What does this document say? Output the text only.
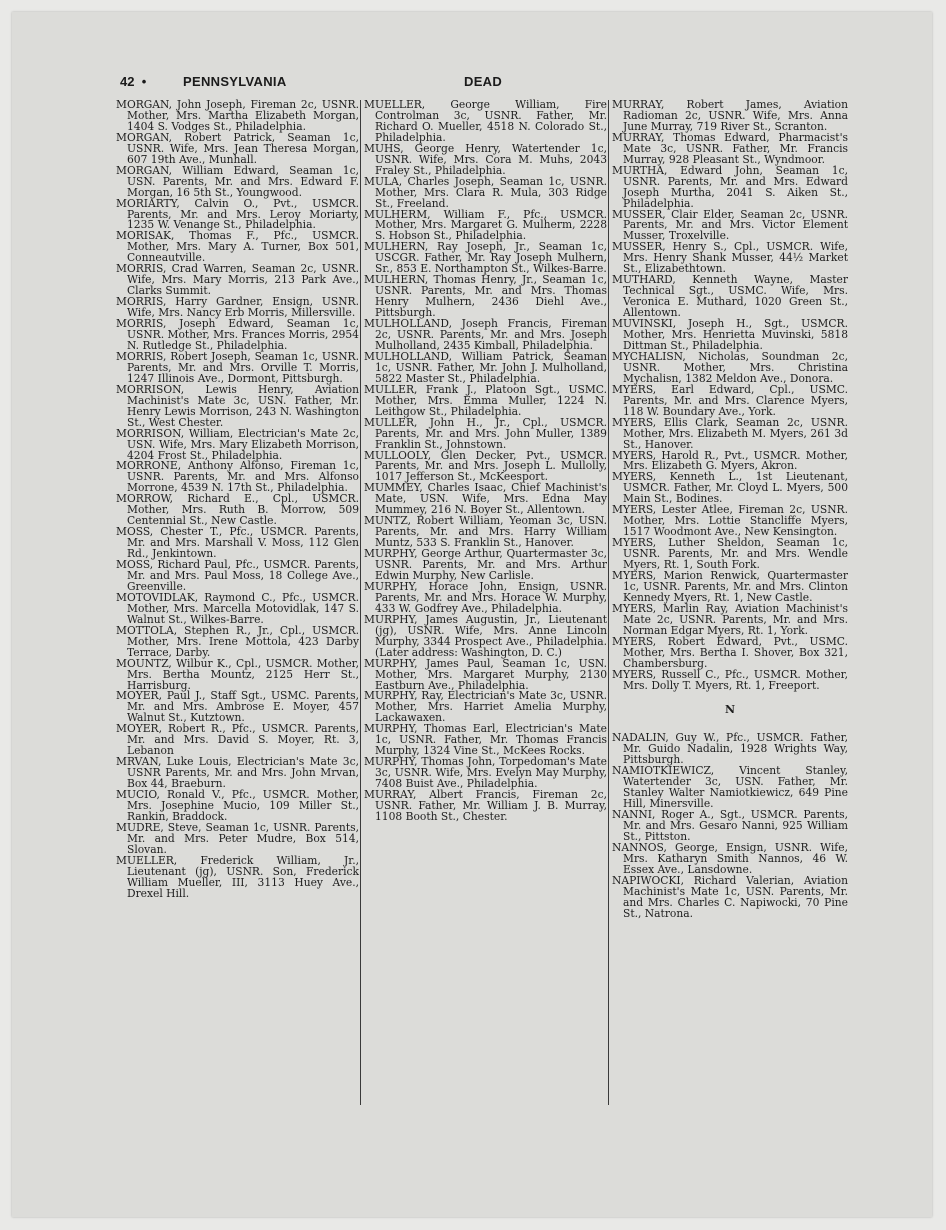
42 •	PENNSYLVANIA	DEAD

MORGAN, John Joseph, Fireman 2c, USNR. Mother, Mrs. Martha Elizabeth Morgan, 1404 S. Vodges St., Philadelphia.

MORGAN, Robert Patrick, Seaman 1c, USNR. Wife, Mrs. Jean Theresa Morgan, 607 19th Ave., Munhall.

MORGAN, William Edward, Seaman 1c, USN. Parents, Mr. and Mrs. Edward F. Morgan, 16 5th St., Youngwood.

MORIARTY, Calvin O., Pvt., USMCR. Parents, Mr. and Mrs. Leroy Moriarty, 1235 W. Venange St., Philadelphia.

MORISAK, Thomas F., Pfc., USMCR. Mother, Mrs. Mary A. Turner, Box 501, Conneautville.

MORRIS, Crad Warren, Seaman 2c, USNR. Wife, Mrs. Mary Morris, 213 Park Ave., Clarks Summit.

MORRIS, Harry Gardner, Ensign, USNR. Wife, Mrs. Nancy Erb Morris, Millersville.

MORRIS, Joseph Edward, Seaman 1c, USNR. Mother, Mrs. Frances Morris, 2954 N. Rutledge St., Philadelphia.

MORRIS, Robert Joseph, Seaman 1c, USNR. Parents, Mr. and Mrs. Orville T. Morris, 1247 Illinois Ave., Dormont, Pittsburgh.

MORRISON, Lewis Henry, Aviation Machinist's Mate 3c, USN. Father, Mr. Henry Lewis Morrison, 243 N. Washington St., West Chester.

MORRISON, William, Electrician's Mate 2c, USN. Wife, Mrs. Mary Elizabeth Morrison, 4204 Frost St., Philadelphia.

MORRONE, Anthony Alfonso, Fireman 1c, USNR. Parents, Mr. and Mrs. Alfonso Morrone, 4539 N. 17th St., Philadelphia.

MORROW, Richard E., Cpl., USMCR. Mother, Mrs. Ruth B. Morrow, 509 Centennial St., New Castle.

MOSS, Chester T., Pfc., USMCR. Parents, Mr. and Mrs. Marshall V. Moss, 112 Glen Rd., Jenkintown.

MOSS, Richard Paul, Pfc., USMCR. Parents, Mr. and Mrs. Paul Moss, 18 College Ave., Greenville.

MOTOVIDLAK, Raymond C., Pfc., USMCR. Mother, Mrs. Marcella Motovidlak, 147 S. Walnut St., Wilkes-Barre.

MOTTOLA, Stephen R., Jr., Cpl., USMCR. Mother, Mrs. Irene Mottola, 423 Darby Terrace, Darby.

MOUNTZ, Wilbur K., Cpl., USMCR. Mother, Mrs. Bertha Mountz, 2125 Herr St., Harrisburg.

MOYER, Paul J., Staff Sgt., USMC. Parents, Mr. and Mrs. Ambrose E. Moyer, 457 Walnut St., Kutztown.

MOYER, Robert R., Pfc., USMCR. Parents, Mr. and Mrs. David S. Moyer, Rt. 3, Lebanon

MRVAN, Luke Louis, Electrician's Mate 3c, USNR Parents, Mr. and Mrs. John Mrvan, Box 44, Braeburn.

MUCIO, Ronald V., Pfc., USMCR. Mother, Mrs. Josephine Mucio, 109 Miller St., Rankin, Braddock.

MUDRE, Steve, Seaman 1c, USNR. Parents, Mr. and Mrs. Peter Mudre, Box 514, Slovan.

MUELLER, Frederick William, Jr., Lieutenant (jg), USNR. Son, Frederick William Mueller, III, 3113 Huey Ave., Drexel Hill.

MUELLER, George William, Fire Controlman 3c, USNR. Father, Mr. Richard O. Mueller, 4518 N. Colorado St., Philadelphia.

MUHS, George Henry, Watertender 1c, USNR. Wife, Mrs. Cora M. Muhs, 2043 Fraley St., Philadelphia.

MULA, Charles Joseph, Seaman 1c, USNR. Mother, Mrs. Clara R. Mula, 303 Ridge St., Freeland.

MULHERM, William F., Pfc., USMCR. Mother, Mrs. Margaret G. Mulherm, 2228 S. Hobson St., Philadelphia.

MULHERN, Ray Joseph, Jr., Seaman 1c, USCGR. Father, Mr. Ray Joseph Mulhern, Sr., 853 E. Northampton St., Wilkes-Barre.

MULHERN, Thomas Henry, Jr., Seaman 1c, USNR. Parents, Mr. and Mrs. Thomas Henry Mulhern, 2436 Diehl Ave., Pittsburgh.

MULHOLLAND, Joseph Francis, Fireman 2c, USNR. Parents, Mr. and Mrs. Joseph Mulholland, 2435 Kimball, Philadelphia.

MULHOLLAND, William Patrick, Seaman 1c, USNR. Father, Mr. John J. Mulholland, 5822 Master St., Philadelphia.

MULLER, Frank J., Platoon Sgt., USMC. Mother, Mrs. Emma Muller, 1224 N. Leithgow St., Philadelphia.

MULLER, John H., Jr., Cpl., USMCR. Parents, Mr. and Mrs. John Muller, 1389 Franklin St., Johnstown.

MULLOOLY, Glen Decker, Pvt., USMCR. Parents, Mr. and Mrs. Joseph L. Mullolly, 1017 Jefferson St., McKeesport.

MUMMEY, Charles Isaac, Chief Machinist's Mate, USN. Wife, Mrs. Edna May Mummey, 216 N. Boyer St., Allentown.

MUNTZ, Robert William, Yeoman 3c, USN. Parents, Mr. and Mrs. Harry William Muntz, 533 S. Franklin St., Hanover.

MURPHY, George Arthur, Quartermaster 3c, USNR. Parents, Mr. and Mrs. Arthur Edwin Murphy, New Carlisle.

MURPHY, Horace John, Ensign, USNR. Parents, Mr. and Mrs. Horace W. Murphy, 433 W. Godfrey Ave., Philadelphia.

MURPHY, James Augustin, Jr., Lieutenant (jg), USNR. Wife, Mrs. Anne Lincoln Murphy, 3344 Prospect Ave., Philadelphia. (Later address: Washington, D. C.)

MURPHY, James Paul, Seaman 1c, USN. Mother, Mrs. Margaret Murphy, 2130 Eastburn Ave., Philadelphia.

MURPHY, Ray, Electrician's Mate 3c, USNR. Mother, Mrs. Harriet Amelia Murphy, Lackawaxen.

MURPHY, Thomas Earl, Electrician's Mate 1c, USNR. Father, Mr. Thomas Francis Murphy, 1324 Vine St., McKees Rocks.

MURPHY, Thomas John, Torpedoman's Mate 3c, USNR. Wife, Mrs. Evelyn May Murphy, 7408 Buist Ave., Philadelphia.

MURRAY, Albert Francis, Fireman 2c, USNR. Father, Mr. William J. B. Murray, 1108 Booth St., Chester.

MURRAY, Robert James, Aviation Radioman 2c, USNR. Wife, Mrs. Anna June Murray, 719 River St., Scranton.

MURRAY, Thomas Edward, Pharmacist's Mate 3c, USNR. Father, Mr. Francis Murray, 928 Pleasant St., Wyndmoor.

MURTHA, Edward John, Seaman 1c, USNR. Parents, Mr. and Mrs. Edward Joseph Murtha, 2041 S. Aiken St., Philadelphia.

MUSSER, Clair Elder, Seaman 2c, USNR. Parents, Mr. and Mrs. Victor Element Musser, Troxelville.

MUSSER, Henry S., Cpl., USMCR. Wife, Mrs. Henry Shank Musser, 44½ Market St., Elizabethtown.

MUTHARD, Kenneth Wayne, Master Technical Sgt., USMC. Wife, Mrs. Veronica E. Muthard, 1020 Green St., Allentown.

MUVINSKI, Joseph H., Sgt., USMCR. Mother, Mrs. Henrietta Muvinski, 5818 Dittman St., Philadelphia.

MYCHALISN, Nicholas, Soundman 2c, USNR. Mother, Mrs. Christina Mychalisn, 1382 Meldon Ave., Donora.

MYERS, Earl Edward, Cpl., USMC. Parents, Mr. and Mrs. Clarence Myers, 118 W. Boundary Ave., York.

MYERS, Ellis Clark, Seaman 2c, USNR. Mother, Mrs. Elizabeth M. Myers, 261 3d St., Hanover.

MYERS, Harold R., Pvt., USMCR. Mother, Mrs. Elizabeth G. Myers, Akron.

MYERS, Kenneth L., 1st Lieutenant, USMCR. Father, Mr. Cloyd L. Myers, 500 Main St., Bodines.

MYERS, Lester Atlee, Fireman 2c, USNR. Mother, Mrs. Lottie Stancliffe Myers, 1517 Woodmont Ave., New Kensington.

MYERS, Luther Sheldon, Seaman 1c, USNR. Parents, Mr. and Mrs. Wendle Myers, Rt. 1, South Fork.

MYERS, Marion Renwick, Quartermaster 1c, USNR. Parents, Mr. and Mrs. Clinton Kennedy Myers, Rt. 1, New Castle.

MYERS, Marlin Ray, Aviation Machinist's Mate 2c, USNR. Parents, Mr. and Mrs. Norman Edgar Myers, Rt. 1, York.

MYERS, Robert Edward, Pvt., USMC. Mother, Mrs. Bertha I. Shover, Box 321, Chambersburg.

MYERS, Russell C., Pfc., USMCR. Mother, Mrs. Dolly T. Myers, Rt. 1, Freeport.

N

NADALIN, Guy W., Pfc., USMCR. Father, Mr. Guido Nadalin, 1928 Wrights Way, Pittsburgh.

NAMIOTKIEWICZ, Vincent Stanley, Watertender 3c, USN. Father, Mr. Stanley Walter Namiotkiewicz, 649 Pine Hill, Minersville.

NANNI, Roger A., Sgt., USMCR. Parents, Mr. and Mrs. Gesaro Nanni, 925 William St., Pittston.

NANNOS, George, Ensign, USNR. Wife, Mrs. Katharyn Smith Nannos, 46 W. Essex Ave., Lansdowne.

NAPIWOCKI, Richard Valerian, Aviation Machinist's Mate 1c, USN. Parents, Mr. and Mrs. Charles C. Napiwocki, 70 Pine St., Natrona.
